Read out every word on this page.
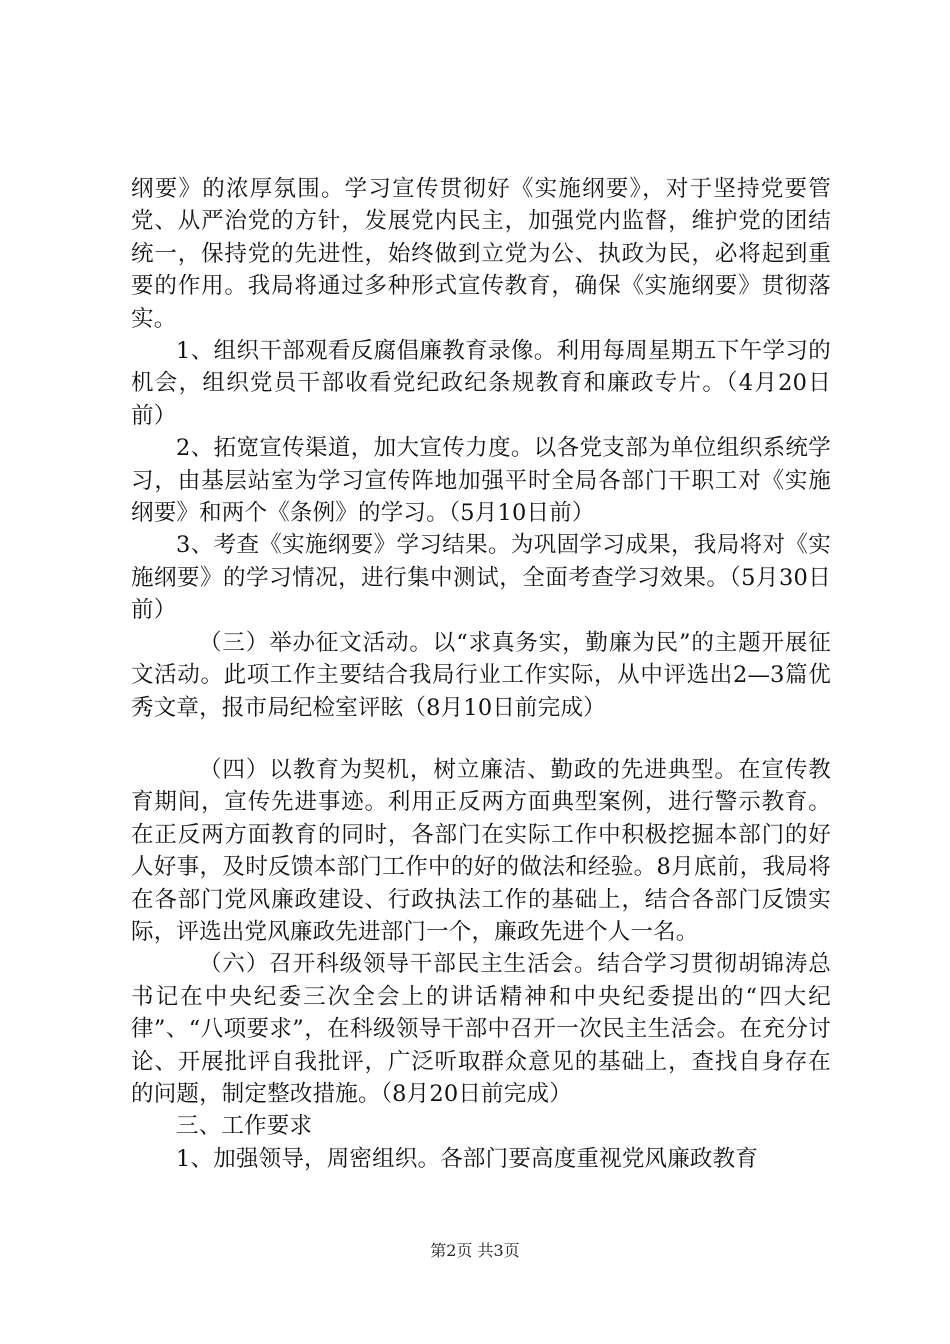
纲要》的浓厚氛围。学习宣传贯彻好《实施纲要》，对于坚持党要管党、从严治党的方针，发展党内民主，加强党内监督，维护党的团结统一，保持党的先进性，始终做到立党为公、执政为民，必将起到重要的作用。我局将通过多种形式宣传教育，确保《实施纲要》贯彻落实。

1、组织干部观看反腐倡廉教育录像。利用每周星期五下午学习的机会，组织党员干部收看党纪政纪条规教育和廉政专片。（4月20日前）

2、拓宽宣传渠道，加大宣传力度。以各党支部为单位组织系统学习，由基层站室为学习宣传阵地加强平时全局各部门干职工对《实施纲要》和两个《条例》的学习。（5月10日前）

3、考查《实施纲要》学习结果。为巩固学习成果，我局将对《实施纲要》的学习情况，进行集中测试，全面考查学习效果。（5月30日前）

（三）举办征文活动。以“求真务实，勤廉为民”的主题开展征文活动。此项工作主要结合我局行业工作实际，从中评选出2—3篇优秀文章，报市局纪检室评眩（8月10日前完成）

（四）以教育为契机，树立廉洁、勤政的先进典型。在宣传教育期间，宣传先进事迹。利用正反两方面典型案例，进行警示教育。在正反两方面教育的同时，各部门在实际工作中积极挖掘本部门的好人好事，及时反馈本部门工作中的好的做法和经验。8月底前，我局将在各部门党风廉政建设、行政执法工作的基础上，结合各部门反馈实际，评选出党风廉政先进部门一个，廉政先进个人一名。

（六）召开科级领导干部民主生活会。结合学习贯彻胡锦涛总书记在中央纪委三次全会上的讲话精神和中央纪委提出的“四大纪律”、“八项要求”，在科级领导干部中召开一次民主生活会。在充分讨论、开展批评自我批评，广泛听取群众意见的基础上，查找自身存在的问题，制定整改措施。（8月20日前完成）

三、工作要求

1、加强领导，周密组织。各部门要高度重视党风廉政教育

第2页 共3页
